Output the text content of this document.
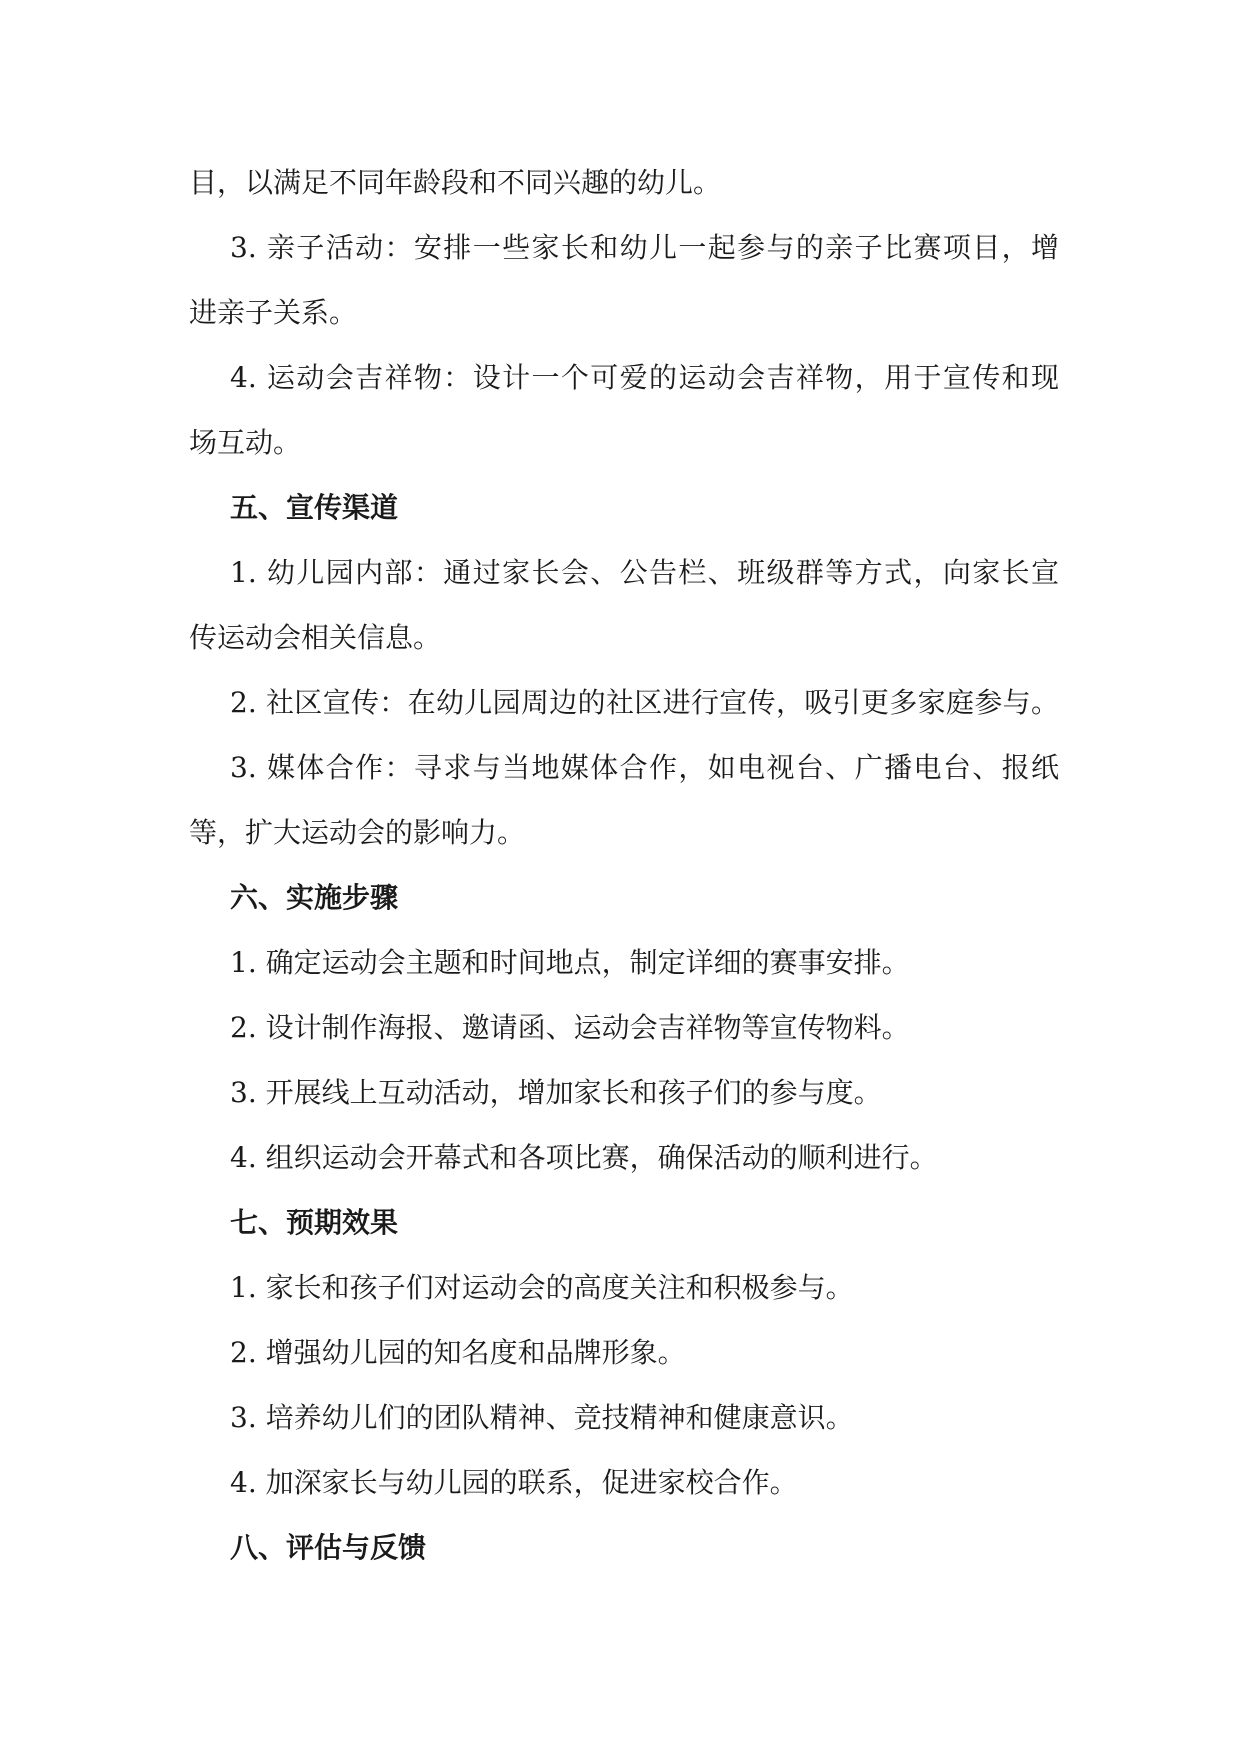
目，以满足不同年龄段和不同兴趣的幼儿。
3. 亲子活动：安排一些家长和幼儿一起参与的亲子比赛项目，增
进亲子关系。
4. 运动会吉祥物：设计一个可爱的运动会吉祥物，用于宣传和现
场互动。
五、宣传渠道
1. 幼儿园内部：通过家长会、公告栏、班级群等方式，向家长宣
传运动会相关信息。
2. 社区宣传：在幼儿园周边的社区进行宣传，吸引更多家庭参与。
3. 媒体合作：寻求与当地媒体合作，如电视台、广播电台、报纸
等，扩大运动会的影响力。
六、实施步骤
1. 确定运动会主题和时间地点，制定详细的赛事安排。
2. 设计制作海报、邀请函、运动会吉祥物等宣传物料。
3. 开展线上互动活动，增加家长和孩子们的参与度。
4. 组织运动会开幕式和各项比赛，确保活动的顺利进行。
七、预期效果
1. 家长和孩子们对运动会的高度关注和积极参与。
2. 增强幼儿园的知名度和品牌形象。
3. 培养幼儿们的团队精神、竞技精神和健康意识。
4. 加深家长与幼儿园的联系，促进家校合作。
八、评估与反馈
